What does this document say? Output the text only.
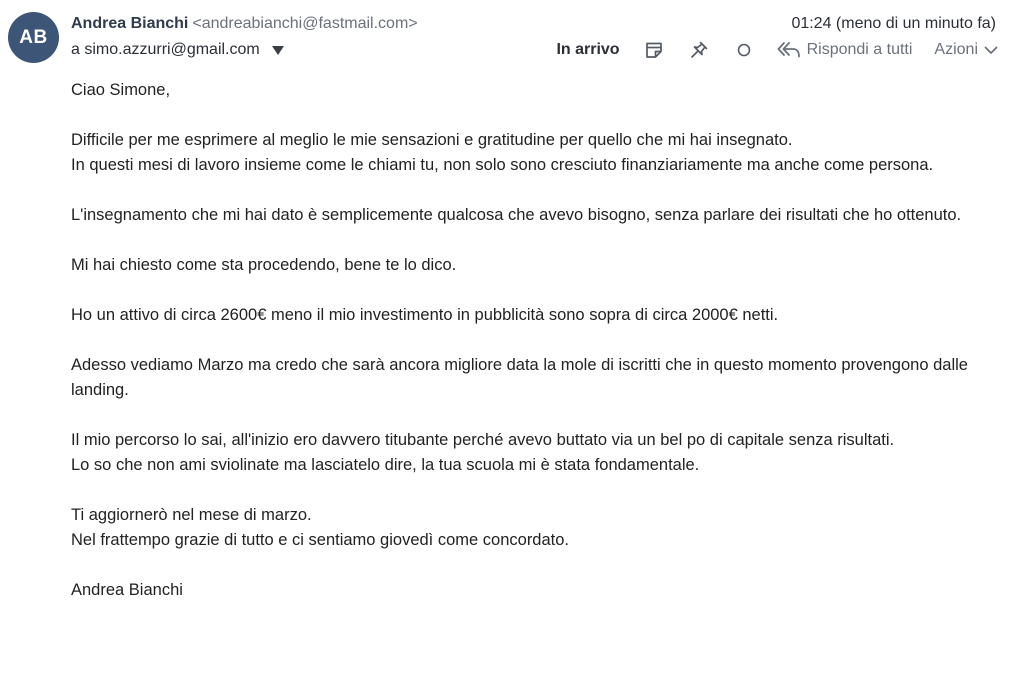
AB
Andrea Bianchi <andreabianchi@fastmail.com>	01:24 (meno di un minuto fa)
a simo.azzurri@gmail.com	In arrivo	Rispondi a tutti Azioni

Ciao Simone,

Difficile per me esprimere al meglio le mie sensazioni e gratitudine per quello che mi hai insegnato.
In questi mesi di lavoro insieme come le chiami tu, non solo sono cresciuto finanziariamente ma anche come persona.

L'insegnamento che mi hai dato è semplicemente qualcosa che avevo bisogno, senza parlare dei risultati che ho ottenuto.

Mi hai chiesto come sta procedendo, bene te lo dico.

Ho un attivo di circa 2600€ meno il mio investimento in pubblicità sono sopra di circa 2000€ netti.

Adesso vediamo Marzo ma credo che sarà ancora migliore data la mole di iscritti che in questo momento provengono dalle landing.

Il mio percorso lo sai, all'inizio ero davvero titubante perché avevo buttato via un bel po di capitale senza risultati.
Lo so che non ami sviolinate ma lasciatelo dire, la tua scuola mi è stata fondamentale.

Ti aggiornerò nel mese di marzo.
Nel frattempo grazie di tutto e ci sentiamo giovedì come concordato.

Andrea Bianchi
